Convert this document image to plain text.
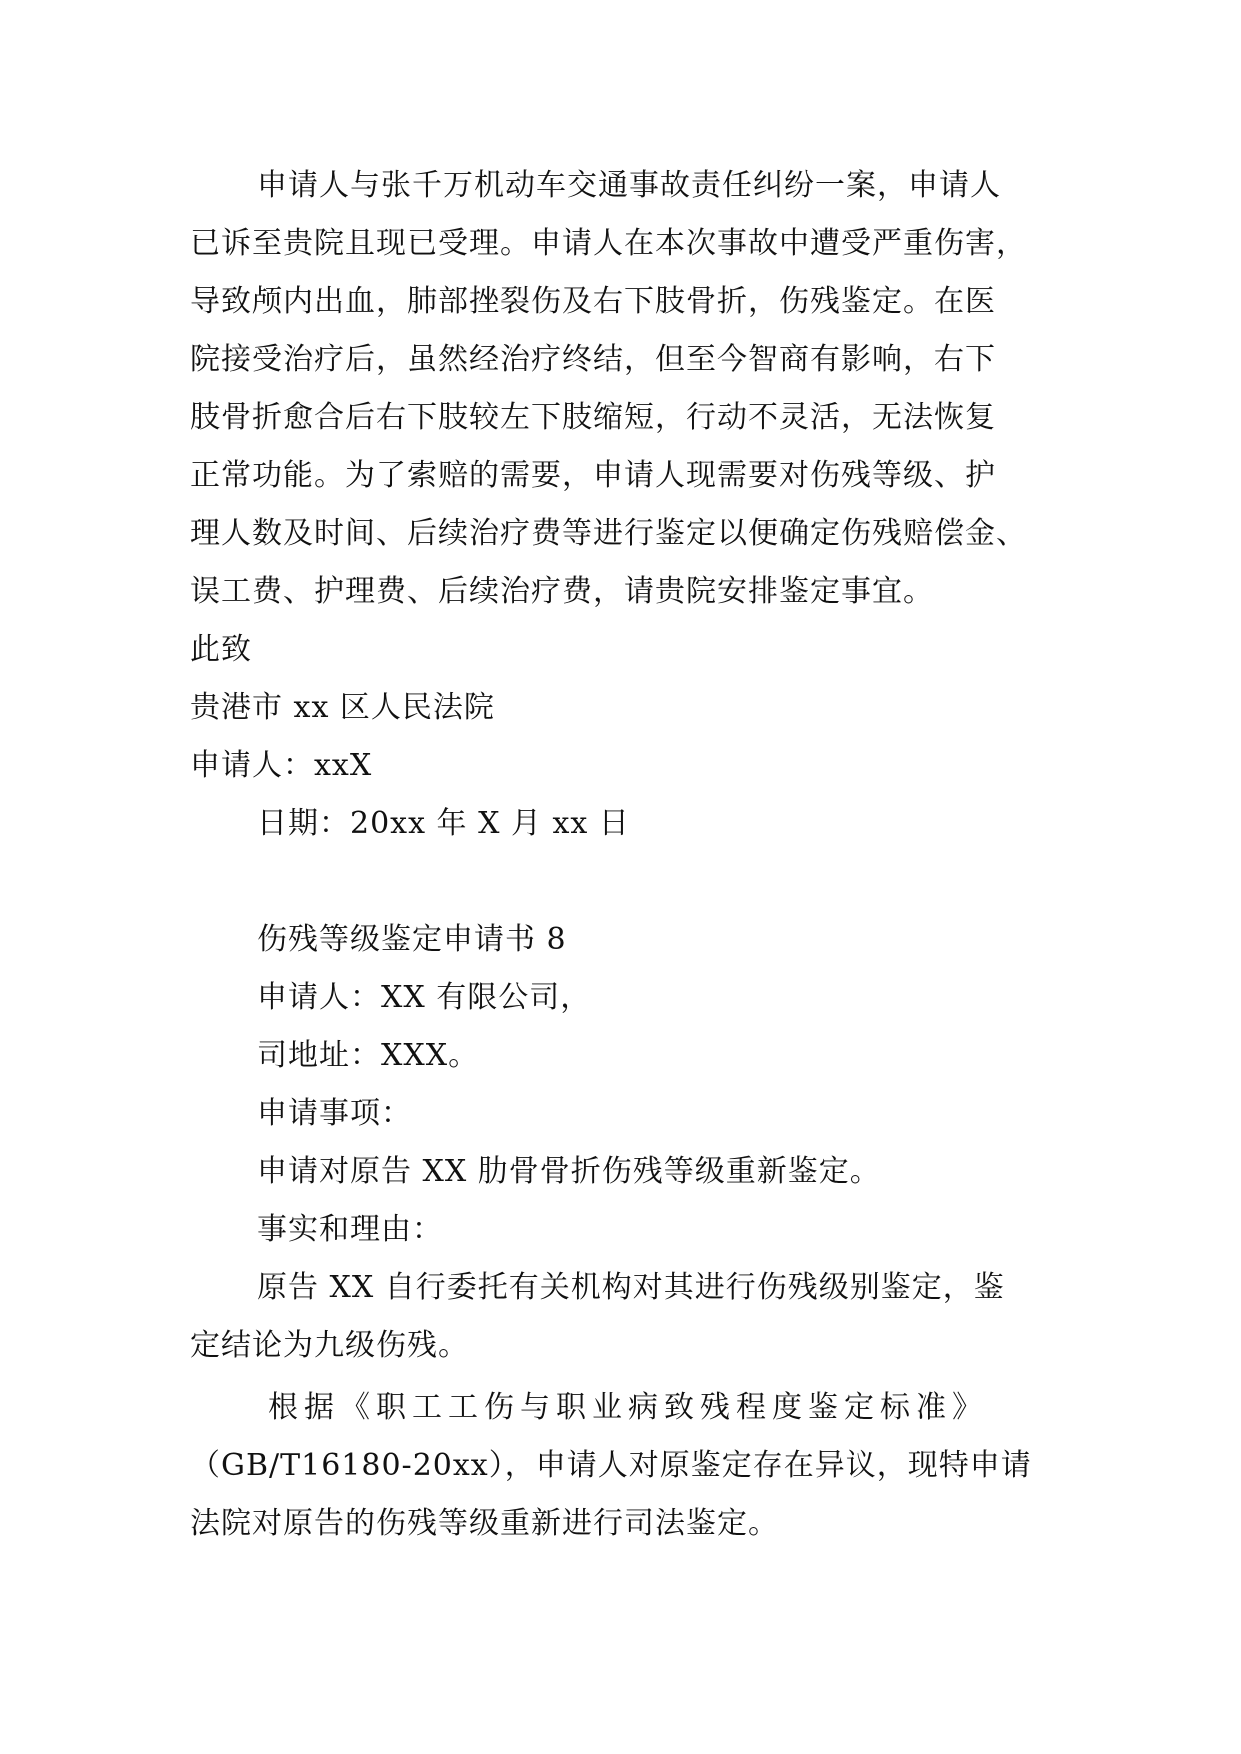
申请人与张千万机动车交通事故责任纠纷一案，申请人
已诉至贵院且现已受理。申请人在本次事故中遭受严重伤害，
导致颅内出血，肺部挫裂伤及右下肢骨折，伤残鉴定。在医
院接受治疗后，虽然经治疗终结，但至今智商有影响，右下
肢骨折愈合后右下肢较左下肢缩短，行动不灵活，无法恢复
正常功能。为了索赔的需要，申请人现需要对伤残等级、护
理人数及时间、后续治疗费等进行鉴定以便确定伤残赔偿金、
误工费、护理费、后续治疗费，请贵院安排鉴定事宜。
此致
贵港市 xx 区人民法院
申请人：xxX
日期：20xx 年 X 月 xx 日
伤残等级鉴定申请书 8
申请人：XX 有限公司，
司地址：XXX。
申请事项：
申请对原告 XX 肋骨骨折伤残等级重新鉴定。
事实和理由：
原告 XX 自行委托有关机构对其进行伤残级别鉴定，鉴
定结论为九级伤残。
根据《职工工伤与职业病致残程度鉴定标准》
（GB/T16180-20xx），申请人对原鉴定存在异议，现特申请
法院对原告的伤残等级重新进行司法鉴定。
